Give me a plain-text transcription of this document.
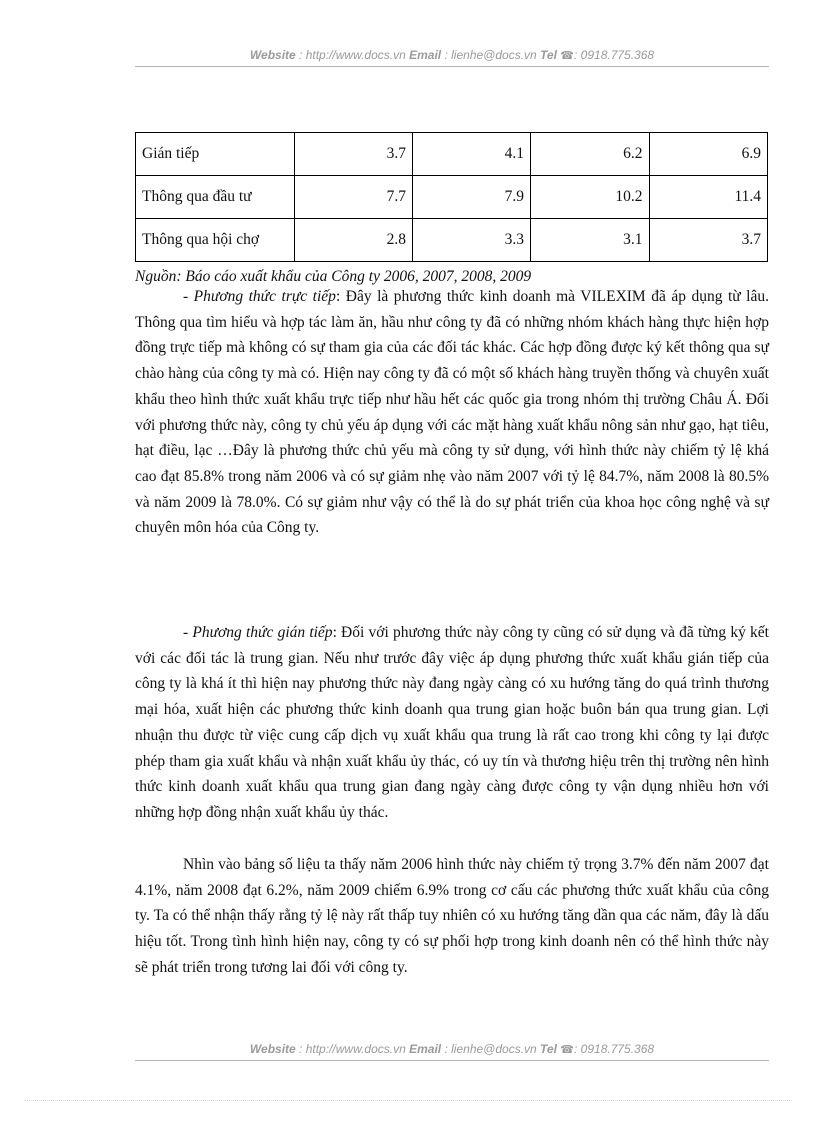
Website : http://www.docs.vn Email : lienhe@docs.vn Tel ☎: 0918.775.368
Gián tiếp	3.7	4.1	6.2	6.9
Thông qua đầu tư	7.7	7.9	10.2	11.4
Thông qua hội chợ	2.8	3.3	3.1	3.7
Nguồn: Báo cáo xuất khẩu của Công ty 2006, 2007, 2008, 2009

- Phương thức trực tiếp: Đây là phương thức kinh doanh mà VILEXIM đã áp dụng từ lâu. Thông qua tìm hiểu và hợp tác làm ăn, hầu như công ty đã có những nhóm khách hàng thực hiện hợp đồng trực tiếp mà không có sự tham gia của các đối tác khác. Các hợp đồng được ký kết thông qua sự chào hàng của công ty mà có. Hiện nay công ty đã có một số khách hàng truyền thống và chuyên xuất khẩu theo hình thức xuất khẩu trực tiếp như hầu hết các quốc gia trong nhóm thị trường Châu Á. Đối với phương thức này, công ty chủ yếu áp dụng với các mặt hàng xuất khẩu nông sản như gạo, hạt tiêu, hạt điều, lạc …Đây là phương thức chủ yếu mà công ty sử dụng, với hình thức này chiếm tỷ lệ khá cao đạt 85.8% trong năm 2006 và có sự giảm nhẹ vào năm 2007 với tỷ lệ 84.7%, năm 2008 là 80.5% và năm 2009 là 78.0%. Có sự giảm như vậy có thể là do sự phát triển của khoa học công nghệ và sự chuyên môn hóa của Công ty.

- Phương thức gián tiếp: Đối với phương thức này công ty cũng có sử dụng và đã từng ký kết với các đối tác là trung gian. Nếu như trước đây việc áp dụng phương thức xuất khẩu gián tiếp của công ty là khá ít thì hiện nay phương thức này đang ngày càng có xu hướng tăng do quá trình thương mại hóa, xuất hiện các phương thức kinh doanh qua trung gian hoặc buôn bán qua trung gian. Lợi nhuận thu được từ việc cung cấp dịch vụ xuất khẩu qua trung là rất cao trong khi công ty lại được phép tham gia xuất khẩu và nhận xuất khẩu ủy thác, có uy tín và thương hiệu trên thị trường nên hình thức kinh doanh xuất khẩu qua trung gian đang ngày càng được công ty vận dụng nhiều hơn với những hợp đồng nhận xuất khẩu ủy thác.

Nhìn vào bảng số liệu ta thấy năm 2006 hình thức này chiếm tỷ trọng 3.7% đến năm 2007 đạt 4.1%, năm 2008 đạt 6.2%, năm 2009 chiếm 6.9% trong cơ cấu các phương thức xuất khẩu của công ty. Ta có thể nhận thấy rằng tỷ lệ này rất thấp tuy nhiên có xu hướng tăng dần qua các năm, đây là dấu hiệu tốt. Trong tình hình hiện nay, công ty có sự phối hợp trong kinh doanh nên có thể hình thức này sẽ phát triển trong tương lai đối với công ty.

Website : http://www.docs.vn Email : lienhe@docs.vn Tel ☎: 0918.775.368
